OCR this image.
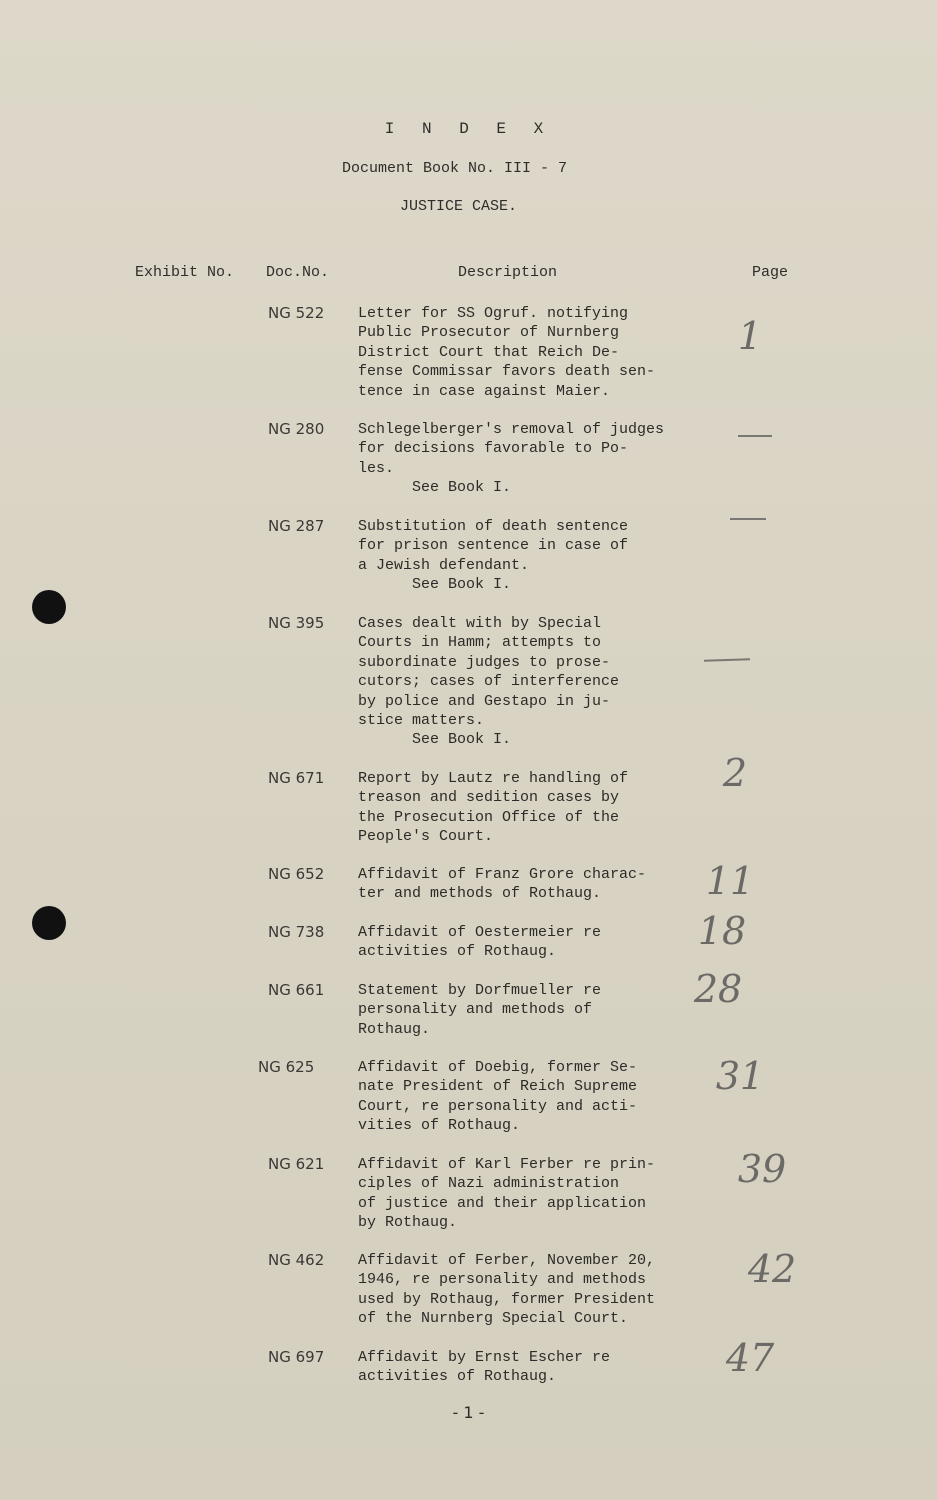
I N D E X
Document Book No. III - 7
JUSTICE CASE.
Exhibit No. Doc.No.	Description	Page
NG 522 Letter for SS Ogruf. notifying
Public Prosecutor of Nurnberg
District Court that Reich De-
fense Commissar favors death sen-
tence in case against Maier.
1
NG 280 Schlegelberger's removal of judges
for decisions favorable to Po-
les.
See Book I.
NG 287 Substitution of death sentence
for prison sentence in case of
a Jewish defendant.
See Book I.
NG 395 Cases dealt with by Special
Courts in Hamm; attempts to
subordinate judges to prose-
cutors; cases of interference
by police and Gestapo in ju-
stice matters.
See Book I.
NG 671 Report by Lautz re handling of
treason and sedition cases by
the Prosecution Office of the
People's Court.
2
NG 652 Affidavit of Franz Grore charac-
ter and methods of Rothaug.	11
NG 738 Affidavit of Oestermeier re
activities of Rothaug.	18
NG 661 Statement by Dorfmueller re
personality and methods of
Rothaug.
28
NG 625	Affidavit of Doebig, former Se-
nate President of Reich Supreme
Court, re personality and acti-
vities of Rothaug.
31
NG 621 Affidavit of Karl Ferber re prin-
ciples of Nazi administration
of justice and their application
by Rothaug.
39
NG 462 Affidavit of Ferber, November 20,
1946, re personality and methods
used by Rothaug, former President
of the Nurnberg Special Court.
42
NG 697 Affidavit by Ernst Escher re
activities of Rothaug.	47
- 1 -
